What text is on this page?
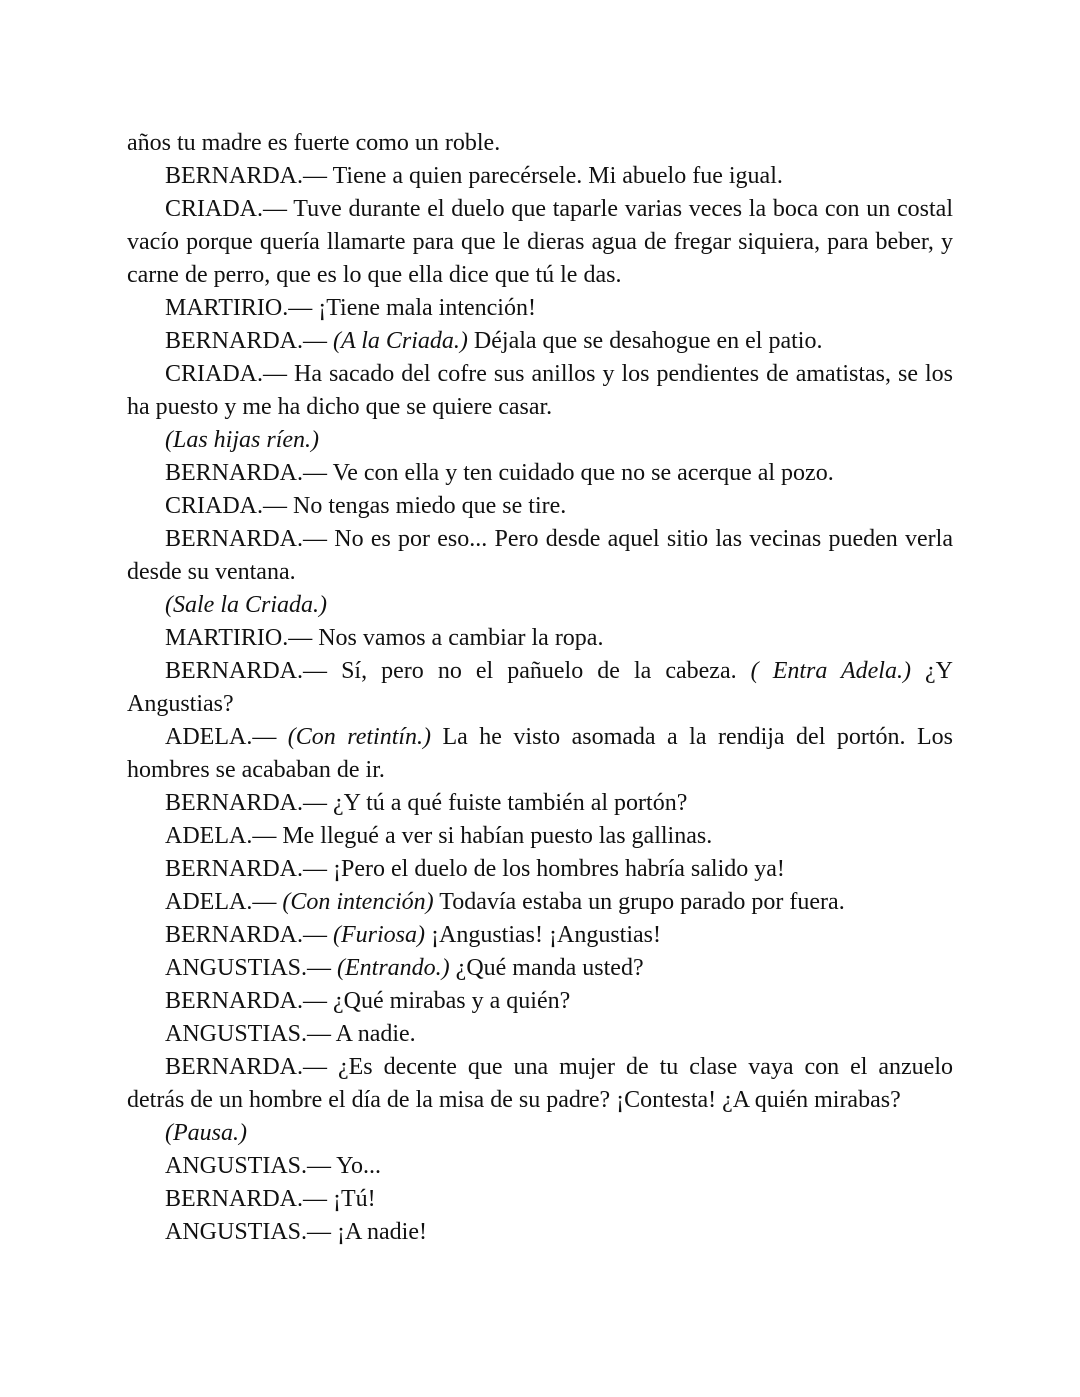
años tu madre es fuerte como un roble.

BERNARDA.— Tiene a quien parecérsele. Mi abuelo fue igual.

CRIADA.— Tuve durante el duelo que taparle varias veces la boca con un costal vacío porque quería llamarte para que le dieras agua de fregar siquiera, para beber, y carne de perro, que es lo que ella dice que tú le das.

MARTIRIO.— ¡Tiene mala intención!

BERNARDA.— (A la Criada.) Déjala que se desahogue en el patio.

CRIADA.— Ha sacado del cofre sus anillos y los pendientes de amatistas, se los ha puesto y me ha dicho que se quiere casar.

(Las hijas ríen.)

BERNARDA.— Ve con ella y ten cuidado que no se acerque al pozo.

CRIADA.— No tengas miedo que se tire.

BERNARDA.— No es por eso... Pero desde aquel sitio las vecinas pueden verla desde su ventana.

(Sale la Criada.)

MARTIRIO.— Nos vamos a cambiar la ropa.

BERNARDA.— Sí, pero no el pañuelo de la cabeza. ( Entra Adela.) ¿Y Angustias?

ADELA.— (Con retintín.) La he visto asomada a la rendija del portón. Los hombres se acababan de ir.

BERNARDA.— ¿Y tú a qué fuiste también al portón?

ADELA.— Me llegué a ver si habían puesto las gallinas.

BERNARDA.— ¡Pero el duelo de los hombres habría salido ya!

ADELA.— (Con intención) Todavía estaba un grupo parado por fuera.

BERNARDA.— (Furiosa) ¡Angustias! ¡Angustias!

ANGUSTIAS.— (Entrando.) ¿Qué manda usted?

BERNARDA.— ¿Qué mirabas y a quién?

ANGUSTIAS.— A nadie.

BERNARDA.— ¿Es decente que una mujer de tu clase vaya con el anzuelo detrás de un hombre el día de la misa de su padre? ¡Contesta! ¿A quién mirabas?

(Pausa.)

ANGUSTIAS.— Yo...

BERNARDA.— ¡Tú!

ANGUSTIAS.— ¡A nadie!
